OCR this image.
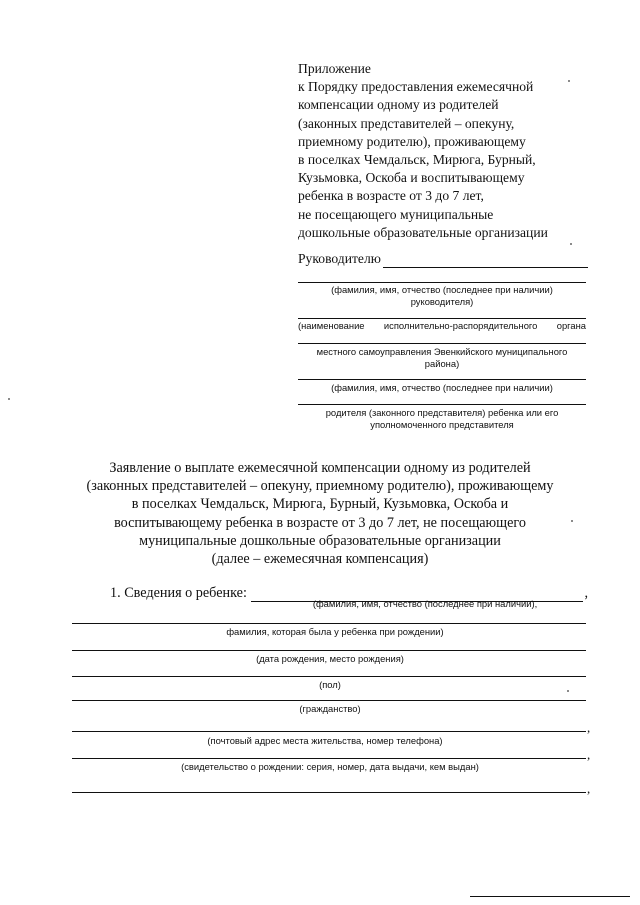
Приложение
к Порядку предоставления ежемесячной
компенсации одному из родителей
(законных представителей – опекуну,
приемному родителю), проживающему
в поселках Чемдальск, Мирюга, Бурный,
Кузьмовка, Оскоба и воспитывающему
ребенка в возрасте от 3 до 7 лет,
не посещающего муниципальные
дошкольные образовательные организации
Руководителю
(фамилия, имя, отчество (последнее при наличии)
руководителя)
(наименование исполнительно-распорядительного органа
местного самоуправления Эвенкийского муниципального
района)
(фамилия, имя, отчество (последнее при наличии)
родителя (законного представителя) ребенка или его
уполномоченного представителя
Заявление о выплате ежемесячной компенсации одному из родителей
(законных представителей – опекуну, приемному родителю), проживающему
в поселках Чемдальск, Мирюга, Бурный, Кузьмовка, Оскоба и
воспитывающему ребенка в возрасте от 3 до 7 лет, не посещающего
муниципальные дошкольные образовательные организации
(далее – ежемесячная компенсация)
1. Сведения о ребенке:	,
(фамилия, имя, отчество (последнее при наличии),
фамилия, которая была у ребенка при рождении)
(дата рождения, место рождения)
(пол)
(гражданство)
,
(почтовый адрес места жительства, номер телефона)
,
(свидетельство о рождении: серия, номер, дата выдачи, кем выдан)
,
